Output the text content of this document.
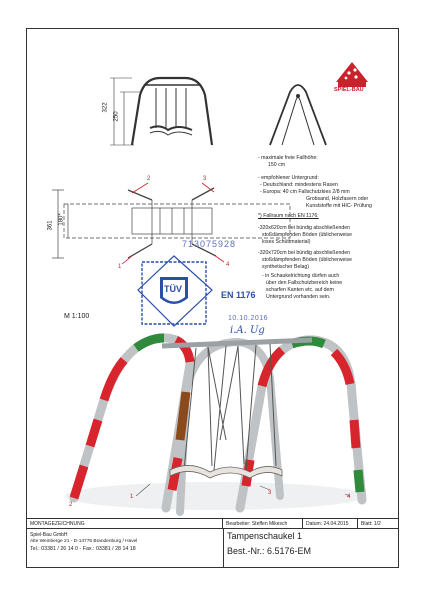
SPIEL-BAU
322
250
361 180*
1
2	3
4
- maximale freie Fallhöhe:
150 cm
- empfohlener Untergrund:
- Deutschland: mindestens Rasen
- Europa: 40 cm Fallschutzkies 2/8 mm
Grobsand, Holzfasern oder
Kunststoffe mit HIC- Prüfung
*) Fallraum nach EN 1176:
-320x620cm bei bündig abschließenden
stoßdämpfenden Böden (üblicherweise
loses Schüttmaterial)
-320x720cm bei bündig abschließenden
stoßdämpfenden Böden (üblicherweise
synthetischer Belag)
- in Schaukelrichtung dürfen auch
über den Fallschutzbereich keine
scharfen Kanten etc. auf dem
Untergrund vorhanden sein.
713075928
TÜV
EN 1176
10.10.2016
i.A. Ug
M 1:100
1
2
3
4
MONTAGEZEICHNUNG	Bearbeiter: Steffen Mikesch	Datum: 24.04.2015	Blatt: 1/2
Spiel-Bau GmbH
Alte Weinberge 21 - D-14776 Brandenburg / Havel
Tel.: 03381 / 26 14 0 - Fax.: 03381 / 28 14 18
Tampenschaukel 1
Best.-Nr.: 6.5176-EM
